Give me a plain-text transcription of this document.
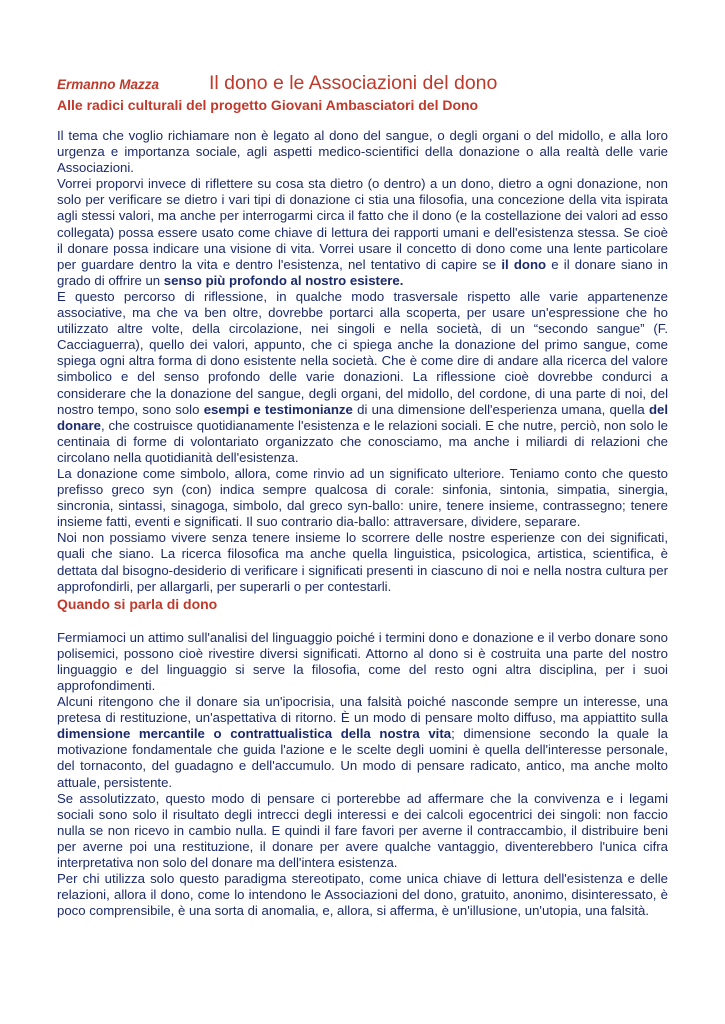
Ermanno Mazza	Il dono e le Associazioni del dono
Alle radici culturali del progetto Giovani Ambasciatori del Dono

Il tema che voglio richiamare non è legato al dono del sangue, o degli organi o del midollo, e alla loro urgenza e importanza sociale, agli aspetti medico-scientifici della donazione o alla realtà delle varie Associazioni.

Vorrei proporvi invece di riflettere su cosa sta dietro (o dentro) a un dono, dietro a ogni donazione, non solo per verificare se dietro i vari tipi di donazione ci stia una filosofia, una concezione della vita ispirata agli stessi valori, ma anche per interrogarmi circa il fatto che il dono (e la costellazione dei valori ad esso collegata) possa essere usato come chiave di lettura dei rapporti umani e dell'esistenza stessa. Se cioè il donare possa indicare una visione di vita. Vorrei usare il concetto di dono come una lente particolare per guardare dentro la vita e dentro l'esistenza, nel tentativo di capire se il dono e il donare siano in grado di offrire un senso più profondo al nostro esistere.

E questo percorso di riflessione, in qualche modo trasversale rispetto alle varie appartenenze associative, ma che va ben oltre, dovrebbe portarci alla scoperta, per usare un'espressione che ho utilizzato altre volte, della circolazione, nei singoli e nella società, di un “secondo sangue” (F. Cacciaguerra), quello dei valori, appunto, che ci spiega anche la donazione del primo sangue, come spiega ogni altra forma di dono esistente nella società. Che è come dire di andare alla ricerca del valore simbolico e del senso profondo delle varie donazioni. La riflessione cioè dovrebbe condurci a considerare che la donazione del sangue, degli organi, del midollo, del cordone, di una parte di noi, del nostro tempo, sono solo esempi e testimonianze di una dimensione dell'esperienza umana, quella del donare, che costruisce quotidianamente l'esistenza e le relazioni sociali. E che nutre, perciò, non solo le centinaia di forme di volontariato organizzato che conosciamo, ma anche i miliardi di relazioni che circolano nella quotidianità dell'esistenza.

La donazione come simbolo, allora, come rinvio ad un significato ulteriore. Teniamo conto che questo prefisso greco syn (con) indica sempre qualcosa di corale: sinfonia, sintonia, simpatia, sinergia, sincronia, sintassi, sinagoga, simbolo, dal greco syn-ballo: unire, tenere insieme, contrassegno; tenere insieme fatti, eventi e significati. Il suo contrario dia-ballo: attraversare, dividere, separare.

Noi non possiamo vivere senza tenere insieme lo scorrere delle nostre esperienze con dei significati, quali che siano. La ricerca filosofica ma anche quella linguistica, psicologica, artistica, scientifica, è dettata dal bisogno-desiderio di verificare i significati presenti in ciascuno di noi e nella nostra cultura per approfondirli, per allargarli, per superarli o per contestarli.

Quando si parla di dono

Fermiamoci un attimo sull'analisi del linguaggio poiché i termini dono e donazione e il verbo donare sono polisemici, possono cioè rivestire diversi significati. Attorno al dono si è costruita una parte del nostro linguaggio e del linguaggio si serve la filosofia, come del resto ogni altra disciplina, per i suoi approfondimenti.

Alcuni ritengono che il donare sia un'ipocrisia, una falsità poiché nasconde sempre un interesse, una pretesa di restituzione, un'aspettativa di ritorno. È un modo di pensare molto diffuso, ma appiattito sulla dimensione mercantile o contrattualistica della nostra vita; dimensione secondo la quale la motivazione fondamentale che guida l'azione e le scelte degli uomini è quella dell'interesse personale, del tornaconto, del guadagno e dell'accumulo. Un modo di pensare radicato, antico, ma anche molto attuale, persistente.

Se assolutizzato, questo modo di pensare ci porterebbe ad affermare che la convivenza e i legami sociali sono solo il risultato degli intrecci degli interessi e dei calcoli egocentrici dei singoli: non faccio nulla se non ricevo in cambio nulla. E quindi il fare favori per averne il contraccambio, il distribuire beni per averne poi una restituzione, il donare per avere qualche vantaggio, diventerebbero l'unica cifra interpretativa non solo del donare ma dell'intera esistenza.

Per chi utilizza solo questo paradigma stereotipato, come unica chiave di lettura dell'esistenza e delle relazioni, allora il dono, come lo intendono le Associazioni del dono, gratuito, anonimo, disinteressato, è poco comprensibile, è una sorta di anomalia, e, allora, si afferma, è un'illusione, un'utopia, una falsità.
